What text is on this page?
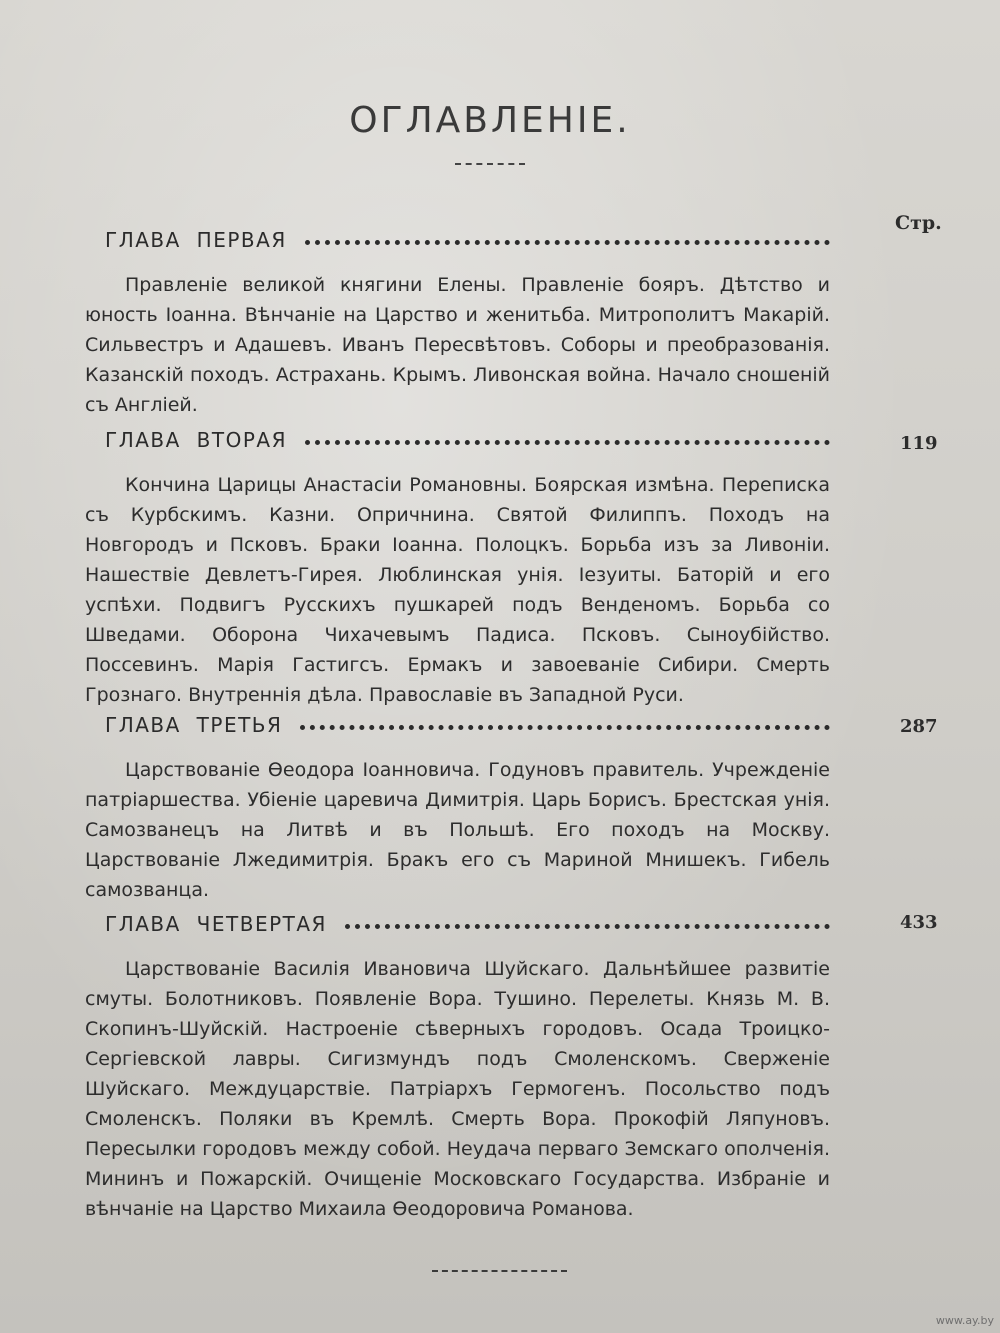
ОГЛАВЛЕНIЕ.
Стр.
ГЛАВА ПЕРВАЯ
Правленіе великой княгини Елены. Правленіе бояръ. Дѣтство и юность Іоанна. Вѣнчаніе на Царство и женитьба. Митрополитъ Макарій. Сильвестръ и Адашевъ. Иванъ Пересвѣтовъ. Соборы и преобразованія. Казанскій походъ. Астрахань. Крымъ. Ливонская война. Начало сношеній съ Англіей.
ГЛАВА ВТОРАЯ
Кончина Царицы Анастасіи Романовны. Боярская измѣна. Переписка съ Курбскимъ. Казни. Опричнина. Святой Филиппъ. Походъ на Новгородъ и Псковъ. Браки Іоанна. Полоцкъ. Борьба изъ за Ливоніи. Нашествіе Девлетъ-Гирея. Люблинская унія. Іезуиты. Баторій и его успѣхи. Подвигъ Русскихъ пушкарей подъ Венденомъ. Борьба со Шведами. Оборона Чихачевымъ Падиса. Псковъ. Сыноубійство. Поссевинъ. Марія Гастигсъ. Ермакъ и завоеваніе Сибири. Смерть Грознаго. Внутреннія дѣла. Православіе въ Западной Руси.
119
ГЛАВА ТРЕТЬЯ
Царствованіе Ѳеодора Іоанновича. Годуновъ правитель. Учрежденіе патріаршества. Убіеніе царевича Димитрія. Царь Борисъ. Брестская унія. Самозванецъ на Литвѣ и въ Польшѣ. Его походъ на Москву. Царствованіе Лжедимитрія. Бракъ его съ Мариной Мнишекъ. Гибель самозванца.
287
ГЛАВА ЧЕТВЕРТАЯ
Царствованіе Василія Ивановича Шуйскаго. Дальнѣйшее развитіе смуты. Болотниковъ. Появленіе Вора. Тушино. Перелеты. Князь М. В. Скопинъ-Шуйскій. Настроеніе сѣверныхъ городовъ. Осада Троицко-Сергіевской лавры. Сигизмундъ подъ Смоленскомъ. Сверженіе Шуйскаго. Междуцарствіе. Патріархъ Гермогенъ. Посольство подъ Смоленскъ. Поляки въ Кремлѣ. Смерть Вора. Прокофій Ляпуновъ. Пересылки городовъ между собой. Неудача перваго Земскаго ополченія. Мининъ и Пожарскій. Очищеніе Московскаго Государства. Избраніе и вѣнчаніе на Царство Михаила Ѳеодоровича Романова.
433
www.ay.by
